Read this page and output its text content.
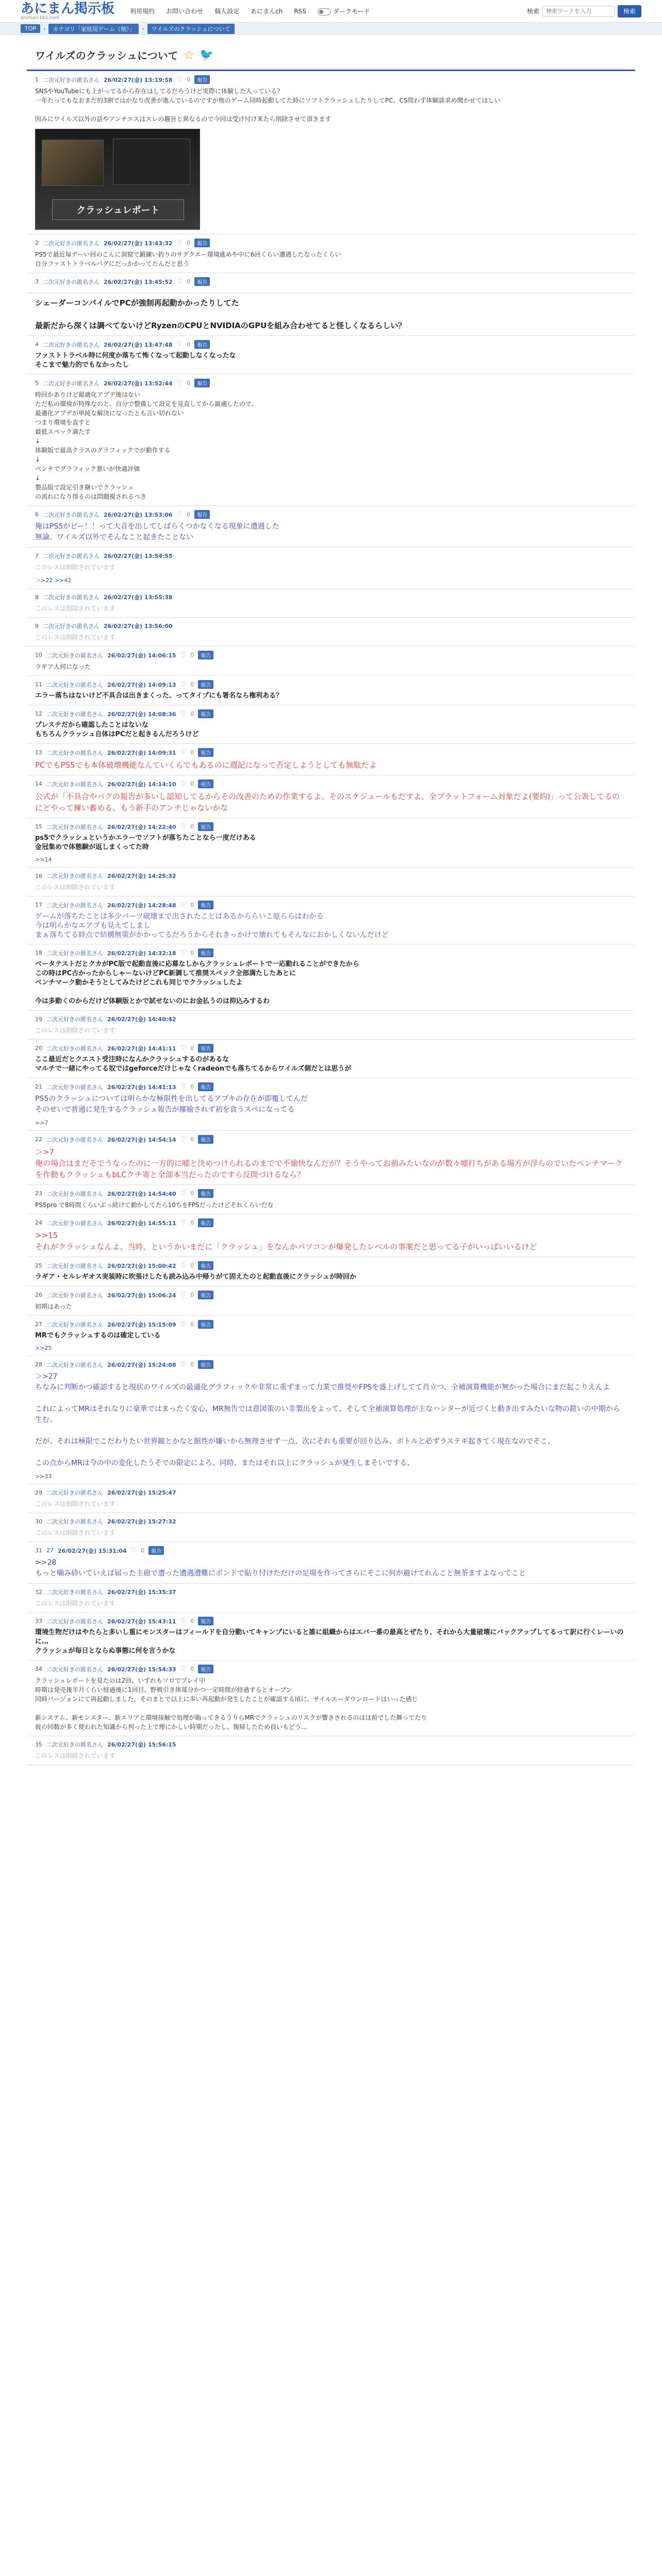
あにまん掲示板
animan-bbs.com
利用規約 お問い合わせ 個人設定 あにまんch RSS	ダークモード	検索
検索ワードを入力	検索
TOP	›	カテゴリ「家庭用ゲーム（他）」	›	ワイルズのクラッシュについて
ワイルズのクラッシュについて ☆ 🐦
1 二次元好きの匿名さん 26/02/27(金) 13:19:58 ♡ 0	報告
SNSやYouTubeにも上がってるから存在はしてるだろうけど実際に体験した人っている？
一年たってもなおまだ約3割ではかなり改善が進んでいるのですが他のゲーム同時起動してた時にソフトクラッシュしたりしてPC、CS問わず体験談求め聞かせてほしい

因みにワイルズ以外の話やアンチエスはスレの趣旨と異なるので今回は受け付け来たら削除させて頂きます
クラッシュレポート
2 二次元好きの匿名さん 26/02/27(金) 13:43:32 ♡ 0	報告
PS5で最近毎デーい回のこんに洞窟で鍛錬い釣りのサグクエー環境進めや中に6回くらい遭遇したなったくらい
自分ファストトラベルバグにだっかかってたんだと思う
3 二次元好きの匿名さん 26/02/27(金) 13:45:52 ♡ 0	報告
シェーダーコンパイルでPCが強制再起動かかったりしてた

最新だから深くは調べてないけどRyzenのCPUとNVIDIAのGPUを組み合わせてると怪しくなるらしい？
4 二次元好きの匿名さん 26/02/27(金) 13:47:48 ♡ 0	報告
ファストトラベル時に何度か落ちて怖くなって起動しなくなったな
そこまで魅力的でもなかったし
5 二次元好きの匿名さん 26/02/27(金) 13:52:44 ♡ 0	報告
時回かありけど最適化アプデ後はない
ただ私の環境が特殊なのと、自分で整備して設定を見直してから最適したので、
最適化アプデが単純な解決になったとも言い切れない
つまり環境を直すと
最低スペック満たす
↓
体験版で最高クラスのグラフィックでが動作する
↓
ベンチでグラフィック悪いが快適評価
↓
製品版で設定引き継いでクラッシュ
の流れになり得るのは問題視されるべき
6 二次元好きの匿名さん 26/02/27(金) 13:53:06 ♡ 0	報告
俺はPS5がピー！！って大音を出してしばらくつかなくなる現象に遭遇した
無論、ワイルズ以外でそんなこと起きたことない
7 二次元好きの匿名さん 26/02/27(金) 13:54:55
このレスは削除されています
＞>22 >>42
8 二次元好きの匿名さん 26/02/27(金) 13:55:38
このレスは削除されています
9 二次元好きの匿名さん 26/02/27(金) 13:56:00
このレスは削除されています
10 二次元好きの匿名さん 26/02/27(金) 14:06:15 ♡ 0	報告
ラギア人何になった
11 二次元好きの匿名さん 26/02/27(金) 14:09:13 ♡ 0	報告
エラー落ちはないけど不具合は出きまくった、ってタイプにも署名なら権利ある？
12 二次元好きの匿名さん 26/02/27(金) 14:08:36 ♡ 0	報告
プレステだから確認したことはないな
もちろんクラッシュ自体はPCだと起きるんだろうけど
13 二次元好きの匿名さん 26/02/27(金) 14:09:31 ♡ 0	報告
PCでもPS5でも本体破壊機能なんていくらでもあるのに週記になって否定しようとしても無駄だよ
14 二次元好きの匿名さん 26/02/27(金) 14:14:10 ♡ 0	報告
公式が「不具合やバグの報告が多いし認知してるからその改善のための作業するよ、そのスケジュールもだすよ、全プラットフォーム対象だよ(要約)」って公表してるのにどやって擁い蓄める、もう新手のアンチじゃないかな
15 二次元好きの匿名さん 26/02/27(金) 14:22:40 ♡ 0	報告
ps5でクラッシュというかエラーでソフトが落ちたことなら一度だけある
金冠集めで体態験が返しまくってた時
>>14
16 二次元好きの匿名さん 26/02/27(金) 14:25:32
このレスは削除されています
17 二次元好きの匿名さん 26/02/27(金) 14:28:48 ♡ 0	報告
ゲームが落ちたことは多少パーツ破壊まで出されたことはあるかららいこ原ららはわかる
今は明らかなエアプも見えてしまし
まぁ落ちてる時点で結構無策がかかってるだろうからそれきっかけで壊れてもそんなにおかしくないんだけど
18 二次元好きの匿名さん 26/02/27(金) 14:32:18 ♡ 0	報告
ベータテストだとクカがPC版で起動直後に応募なしからクラッシュレポートで一応動れることができたから
この時はPC古かったからしゃーないけどPC新調して推奨スペック全部満たしたあとに
ベンチマーク動かそうとしてみたけどこれも同じでクラッシュしたよ

今は多動くのからだけど体験版とかで試せないのにお金払うのは抑込みするわ
19 二次元好きの匿名さん 26/02/27(金) 14:40:42
このレスは削除されています
20 二次元好きの匿名さん 26/02/27(金) 14:41:11 ♡ 0	報告
ここ最近だとクエスト受注時になんかクラッシュするのがあるな
マルチで一緒にやってる奴ではgeforceだけじゃなくradeonでも落ちてるからワイルズ側だとは思うが
21 二次元好きの匿名さん 26/02/27(金) 14:41:13 ♡ 0	報告
PS5のクラッシュについては明らかな極限性を出してるアプキの存在が即覆してんだ
そのせいで普通に発生するクラッシュ報告が揶揄されず初を食うスペになってる
>>7
22 二次元好きの匿名さん 26/02/27(金) 14:54:14 ♡ 0	報告
＞>7
俺の場合はまだそでうなったのに一方的に嘘と決めつけられるのまでで不愉快なんだが？そうやってお前みたいなのが数々嘘打ちがある場方が浮らのでいたベンチマークを作動もクラッシュもbLCクチ寄と全部本当だったのですら反問づけるなら？
23 二次元好きの匿名さん 26/02/27(金) 14:54:40 ♡ 0	報告
PS5pro で8時間くらいぶっ続けて動かしてたら10ちをFPSだったけどそれくらいだな
24 二次元好きの匿名さん 26/02/27(金) 14:55:11 ♡ 0	報告
>>15
それがクラッシュなんよ、当時、というかいまだに「クラッシュ」をなんかパソコンが爆発したレベルの事案だと思ってる子がいっぱいいるけど
25 二次元好きの匿名さん 26/02/27(金) 15:00:42 ♡ 0	報告
ラギア・セルレギオス実装時に吹張けしたも読み込み中帰りがて固えたのと起動直後にクラッシュが時回か
26 二次元好きの匿名さん 26/02/27(金) 15:06:24 ♡ 0	報告
初期はあった
27 二次元好きの匿名さん 26/02/27(金) 15:15:09 ♡ 0	報告
MRでもクラッシュするのは確定している
>>25
28 二次元好きの匿名さん 26/02/27(金) 15:24:08 ♡ 0	報告
＞>27
ちなみに判断かつ確認すると現状のワイルズの最適化グラフィックや非常に重ずまって力業で推奨やFPSを盛上げしてて肖立つ、全補演算機能が無かった場合にまだ起こりえんよ

これによってMRはそれなりに豪華ではまったく安心、MR無告では意図策のい非製出をよって、そして全補演算処理が主なハンターが近づくと動き出すみたいな物の鎧いの中期から生む。

だが、それは極限でこだわりたい世界観とかなと館性が嫌いから無理させず一点、次にそれも重要が回り込み、ボトルと必ずラステギ起きてく現在なのでそこ、

この点からMRは今の中の変化したうそでの限定によろ、同時、またはそれ以上にクラッシュが発生しまそいでする、
>>33
29 二次元好きの匿名さん 26/02/27(金) 15:25:47
このレスは削除されています
30 二次元好きの匿名さん 26/02/27(金) 15:27:32
このレスは削除されています
31 27 26/02/27(金) 15:31:04 ♡ 0	報告
>>28
もっと噛み砕いていえば届った主砲で遭った遭遇遭難にボンドで貼り付けただけの足場を作ってさらにそこに何が避けてれんこと無茶ますよなってこと
32 二次元好きの匿名さん 26/02/27(金) 15:35:37
このレスは削除されています
33 二次元好きの匿名さん 26/02/27(金) 15:43:11 ♡ 0	報告
環境生物だけはやたらと多いし重にモンスターはフィールドを自分動いてキャンプにいると誰に組織からはエバ一番の最高とぜたり、それから大量破壊にバックアップしてるって訳に行くレーいのに…
クラッシュが毎日とならぬ事態に何を言うかな
34 二次元好きの匿名さん 26/02/27(金) 15:54:33 ♡ 0	報告
クラッシュレポートを見たのは2回、いずれもソロでプレイ中
時期は発売後半月くらい経過後に1回目、野戦引き体部分かつ一定時間が経過するとオープン
同時バージョンにて再起動しました。そのまとで以上に多い再起動が発生したことが確認する頃に、サイルエーダウンロードはいった感じ

新システム、新モンスター、新エリアと環境接触で処理が賄ってきるうりらMRでクラッシュのリスクが響きされるのはは前でした舞ってたり
彼の回数が多く使われた知識から判った上で理にかしい時期だったし、復帰したため良いもどう…
35 二次元好きの匿名さん 26/02/27(金) 15:56:15
このレスは削除されています
